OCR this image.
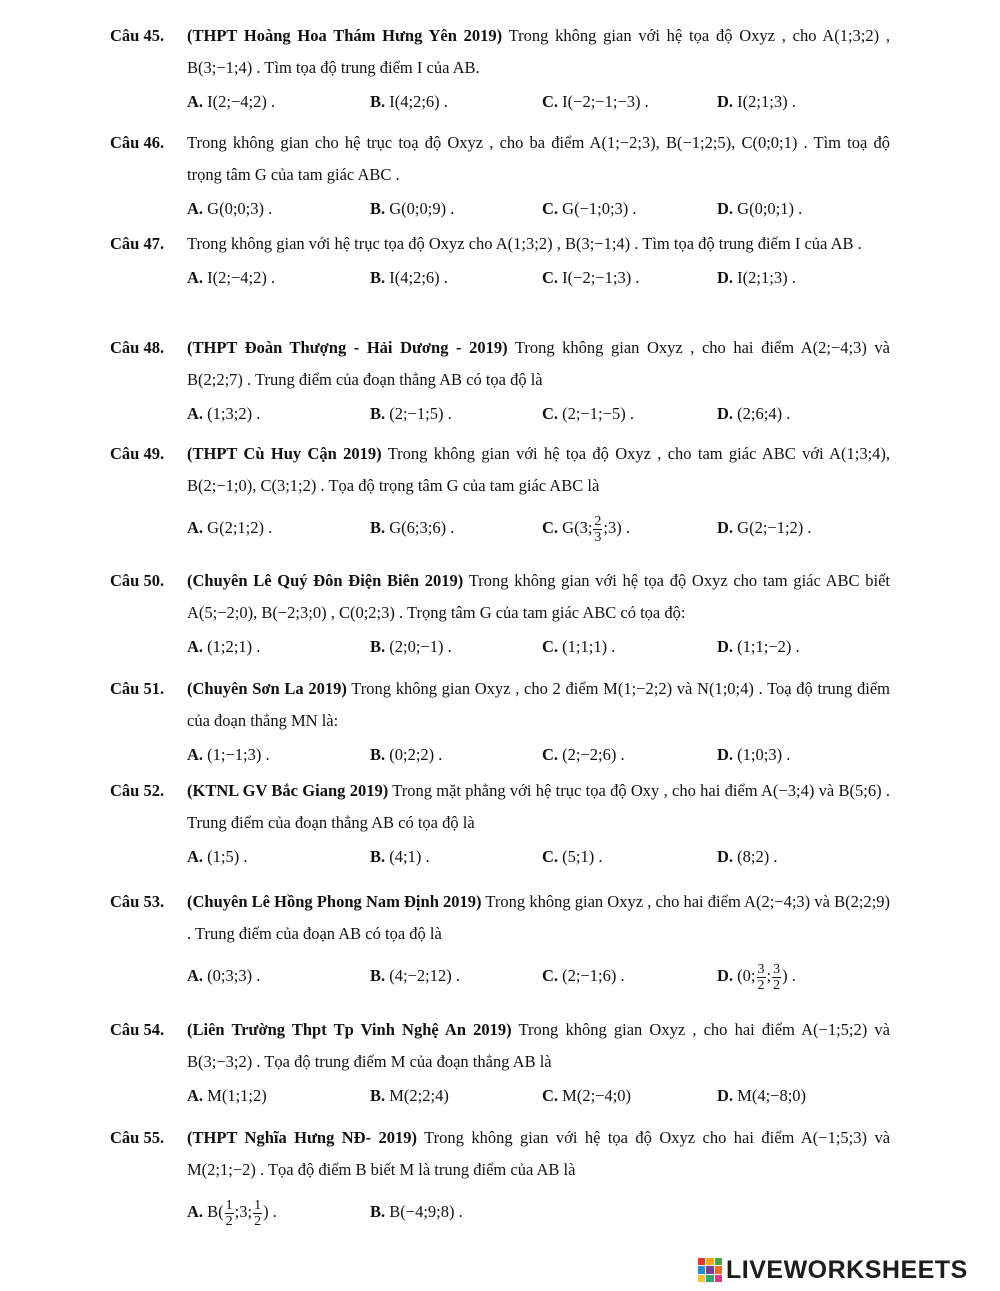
Câu 45.	(THPT Hoàng Hoa Thám Hưng Yên 2019) Trong không gian với hệ tọa độ Oxyz , cho A(1;3;2) , B(3;−1;4) . Tìm tọa độ trung điểm I của AB.
A. I(2;−4;2) .	B. I(4;2;6) .	C. I(−2;−1;−3) .	D. I(2;1;3) .
Câu 46.	Trong không gian cho hệ trục toạ độ Oxyz , cho ba điểm A(1;−2;3), B(−1;2;5), C(0;0;1) . Tìm toạ độ trọng tâm G của tam giác ABC .
A. G(0;0;3) .	B. G(0;0;9) .	C. G(−1;0;3) .	D. G(0;0;1) .
Câu 47.	Trong không gian với hệ trục tọa độ Oxyz cho A(1;3;2) , B(3;−1;4) . Tìm tọa độ trung điểm I của AB .
A. I(2;−4;2) .	B. I(4;2;6) .	C. I(−2;−1;3) .	D. I(2;1;3) .
Câu 48.	(THPT Đoàn Thượng - Hải Dương - 2019) Trong không gian Oxyz , cho hai điểm A(2;−4;3) và B(2;2;7) . Trung điểm của đoạn thẳng AB có tọa độ là
A. (1;3;2) .	B. (2;−1;5) .	C. (2;−1;−5) .	D. (2;6;4) .
Câu 49.	(THPT Cù Huy Cận 2019) Trong không gian với hệ tọa độ Oxyz , cho tam giác ABC với A(1;3;4), B(2;−1;0), C(3;1;2) . Tọa độ trọng tâm G của tam giác ABC là
A. G(2;1;2) .	B. G(6;3;6) .	C. G(3; $\frac{2}{3}$ ;3) .	D. G(2;−1;2) .
Câu 50.	(Chuyên Lê Quý Đôn Điện Biên 2019) Trong không gian với hệ tọa độ Oxyz cho tam giác ABC biết A(5;−2;0), B(−2;3;0) , C(0;2;3) . Trọng tâm G của tam giác ABC có tọa độ:
A. (1;2;1) .	B. (2;0;−1) .	C. (1;1;1) .	D. (1;1;−2) .
Câu 51.	(Chuyên Sơn La 2019) Trong không gian Oxyz , cho 2 điểm M(1;−2;2) và N(1;0;4) . Toạ độ trung điểm của đoạn thẳng MN là:
A. (1;−1;3) .	B. (0;2;2) .	C. (2;−2;6) .	D. (1;0;3) .
Câu 52.	(KTNL GV Bắc Giang 2019) Trong mặt phẳng với hệ trục tọa độ Oxy , cho hai điểm A(−3;4) và B(5;6) . Trung điểm của đoạn thẳng AB có tọa độ là
A. (1;5) .	B. (4;1) .	C. (5;1) .	D. (8;2) .
Câu 53.	(Chuyên Lê Hồng Phong Nam Định 2019) Trong không gian Oxyz , cho hai điểm A(2;−4;3) và B(2;2;9) . Trung điểm của đoạn AB có tọa độ là
A. (0;3;3) .	B. (4;−2;12) .	C. (2;−1;6) .	D. (0; $\frac{3}{2}$ ; $\frac{3}{2}$ ) .
Câu 54.	(Liên Trường Thpt Tp Vinh Nghệ An 2019) Trong không gian Oxyz , cho hai điểm A(−1;5;2) và B(3;−3;2) . Tọa độ trung điểm M của đoạn thẳng AB là
A. M(1;1;2)	B. M(2;2;4)	C. M(2;−4;0)	D. M(4;−8;0)
Câu 55.	(THPT Nghĩa Hưng NĐ- 2019) Trong không gian với hệ tọa độ Oxyz cho hai điểm A(−1;5;3) và M(2;1;−2) . Tọa độ điểm B biết M là trung điểm của AB là
A. $B( \frac{1}{2}$ ;3; $\frac{1}{2}$ ) .	B. B(−4;9;8) .
LIVEWORKSHEETS
